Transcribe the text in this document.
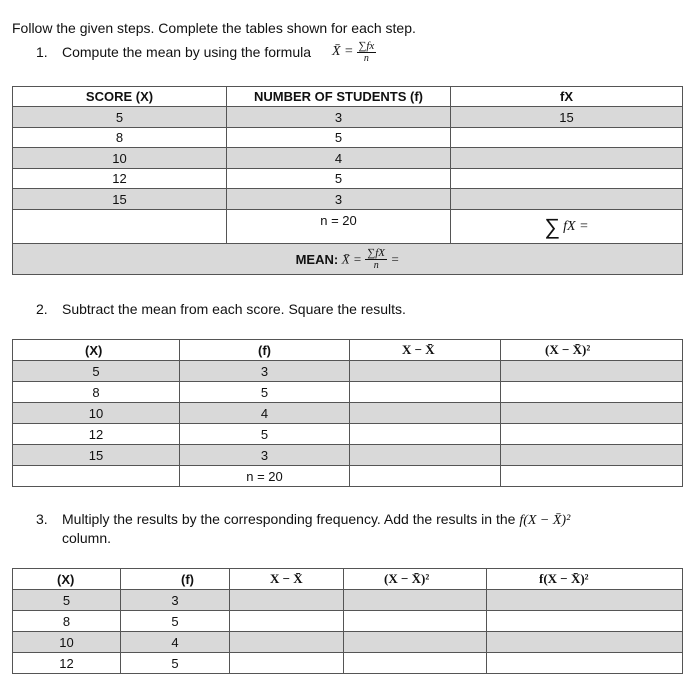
Follow the given steps. Complete the tables shown for each step.
1. Compute the mean by using the formula X̄ = $\frac{\sum fx}{n}$
SCORE (X)	NUMBER OF STUDENTS (f)	fX
5	3	15
8	5	
10	4	
12	5	
15	3	
	n = 20	∑ fX =
MEAN: X̄ = $\frac{\sum fX}{n}$ =		
2. Subtract the mean from each score. Square the results.
(X)	(f)	X − X̄	(X − X̄)²
5	3		
8	5		
10	4		
12	5		
15	3		
	n = 20		
3. Multiply the results by the corresponding frequency. Add the results in the f(X − X̄)²
column.
(X)	(f)	X − X̄	(X − X̄)²	f(X − X̄)²
5	3			
8	5			
10	4			
12	5			
